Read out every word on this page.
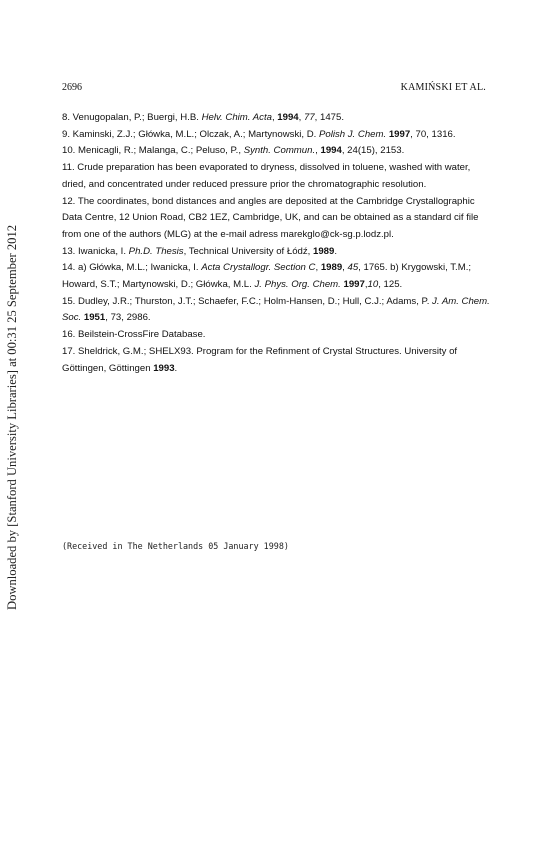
2696	KAMIŃSKI ET AL.
8. Venugopalan, P.; Buergi, H.B. Helv. Chim. Acta, 1994, 77, 1475.
9. Kaminski, Z.J.; Główka, M.L.; Olczak, A.; Martynowski, D. Polish J. Chem. 1997, 70, 1316.
10. Menicagli, R.; Malanga, C.; Peluso, P., Synth. Commun., 1994, 24(15), 2153.
11. Crude preparation has been evaporated to dryness, dissolved in toluene, washed with water, dried, and concentrated under reduced pressure prior the chromatographic resolution.
12. The coordinates, bond distances and angles are deposited at the Cambridge Crystallographic Data Centre, 12 Union Road, CB2 1EZ, Cambridge, UK, and can be obtained as a standard cif file from one of the authors (MLG) at the e-mail adress marekglo@ck-sg.p.lodz.pl.
13. Iwanicka, I. Ph.D. Thesis, Technical University of Łódź, 1989.
14. a) Główka, M.L.; Iwanicka, I. Acta Crystallogr. Section C, 1989, 45, 1765. b) Krygowski, T.M.; Howard, S.T.; Martynowski, D.; Główka, M.L. J. Phys. Org. Chem. 1997,10, 125.
15. Dudley, J.R.; Thurston, J.T.; Schaefer, F.C.; Holm-Hansen, D.; Hull, C.J.; Adams, P. J. Am. Chem. Soc. 1951, 73, 2986.
16. Beilstein-CrossFire Database.
17. Sheldrick, G.M.; SHELX93. Program for the Refinment of Crystal Structures. University of Göttingen, Göttingen 1993.
(Received in The Netherlands 05 January 1998)
Downloaded by [Stanford University Libraries] at 00:31 25 September 2012
